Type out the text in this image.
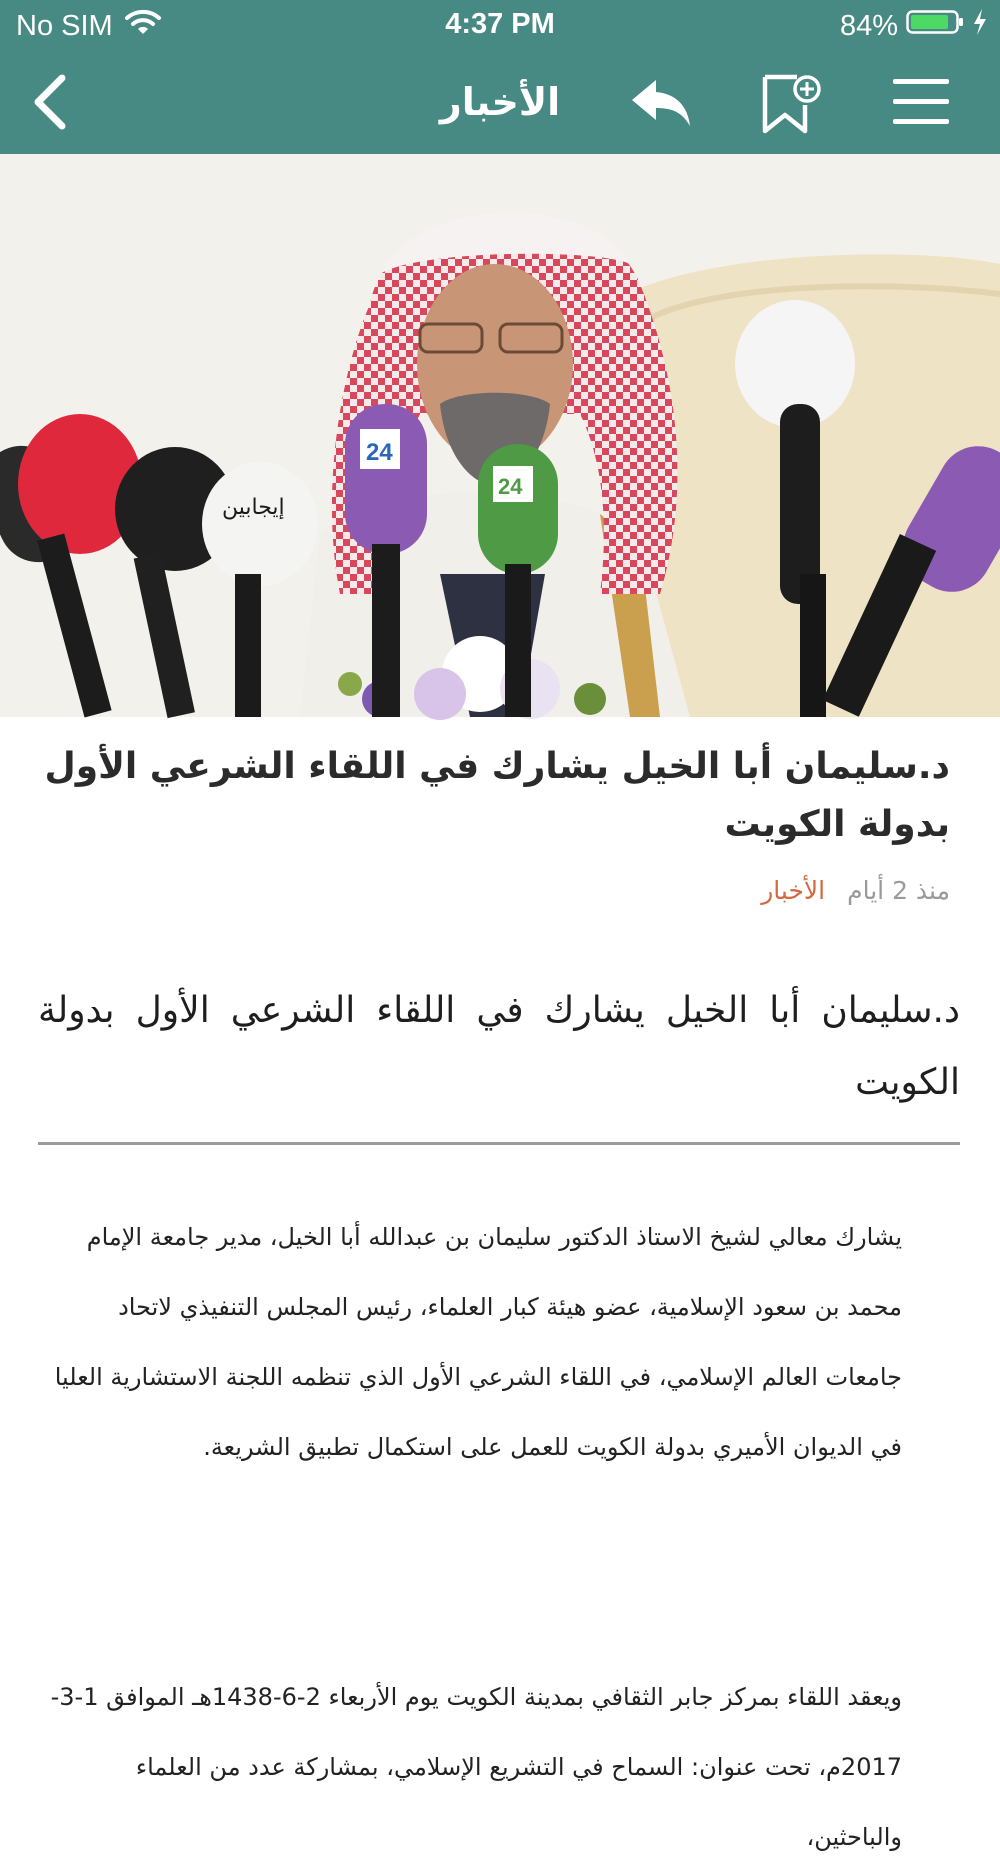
No SIM	4:37 PM	84%
الأخبار
24
24
إيجابين
د.سليمان أبا الخيل يشارك في اللقاء الشرعي الأول بدولة الكويت
منذ 2 أيام
الأخبار
د.سليمان أبا الخيل يشارك في اللقاء الشرعي الأول بدولة الكويت
يشارك معالي لشيخ الاستاذ الدكتور سليمان بن عبدالله أبا الخيل، مدير جامعة الإمام محمد بن سعود الإسلامية، عضو هيئة كبار العلماء، رئيس المجلس التنفيذي لاتحاد جامعات العالم الإسلامي، في اللقاء الشرعي الأول الذي تنظمه اللجنة الاستشارية العليا في الديوان الأميري بدولة الكويت للعمل على استكمال تطبيق الشريعة.
ويعقد اللقاء بمركز جابر الثقافي بمدينة الكويت يوم الأربعاء 2-6-1438هـ الموافق 1-3-2017م، تحت عنوان: السماح في التشريع الإسلامي، بمشاركة عدد من العلماء والباحثين،
